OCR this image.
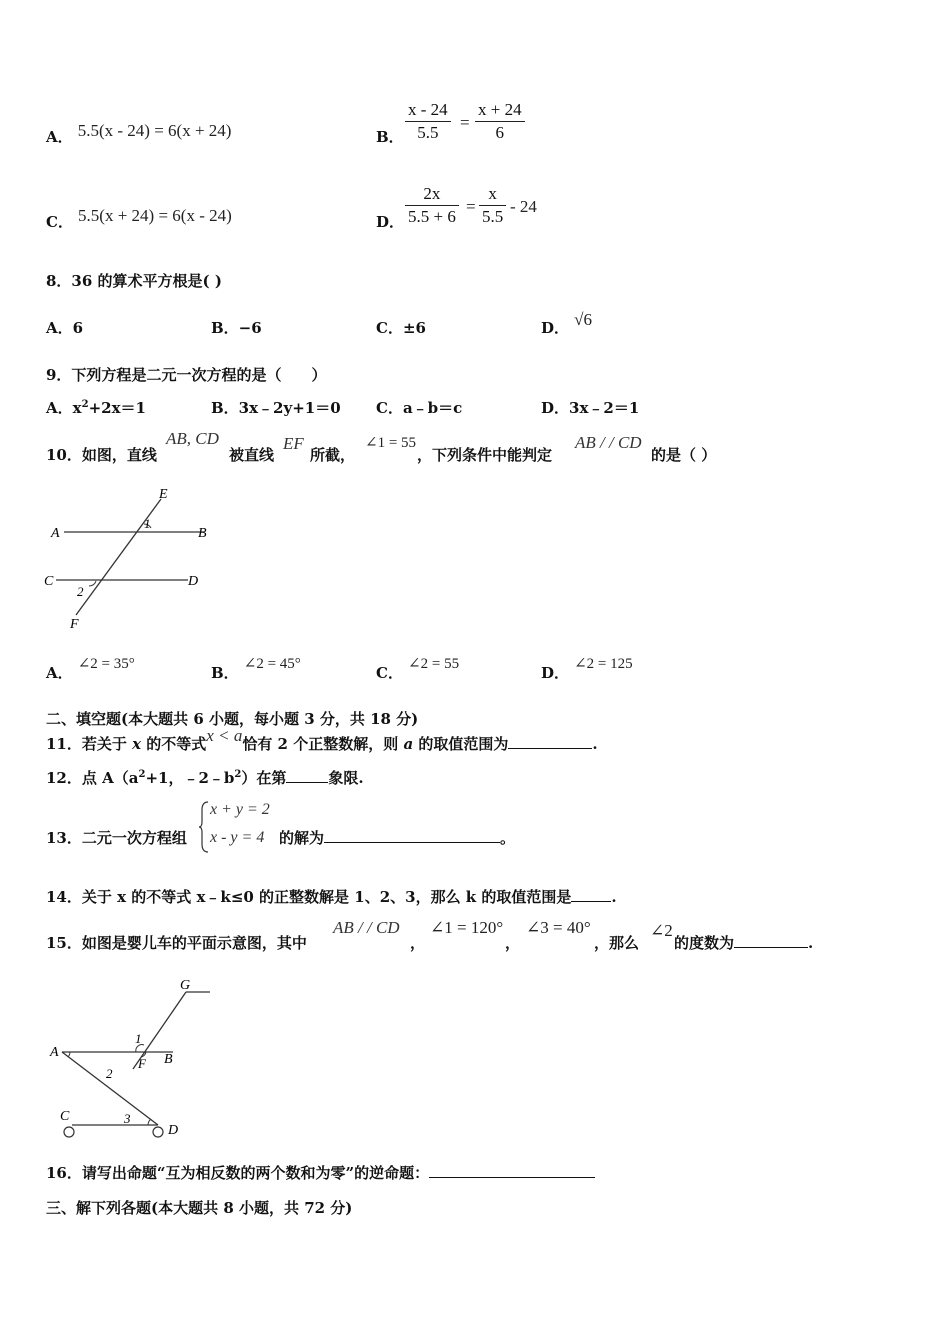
A． 5.5(x - 24) = 6(x + 24)	B．
x - 24
5.5
=
x + 24
6
C． 5.5(x + 24) = 6(x - 24)	D．
2x
5.5 + 6
=
x
5.5
- 24
8．36 的算术平方根是( )
A．6	B．−6	C．±6	D． √6
9．下列方程是二元一次方程的是（　　）
A．$x^2+2x=1$	B．3x﹣2y+1＝0 C．a﹣b＝c	D．3x﹣2＝1
10．如图，直线
AB, CD
被直线
EF
所截，
∠1 = 55
，下列条件中能判定
AB / / CD
的是（ ）
E
A	B
C	D
F
1
2
A． ∠2 = 35°	B． ∠2 = 45°	C． ∠2 = 55	D． ∠2 = 125
二、填空题(本大题共 6 小题，每小题 3 分，共 18 分)
11．若关于 x 的不等式x < a恰有 2 个正整数解，则 a 的取值范围为	.
12．点 $A(a^2+1$，$﹣2﹣b^2$）在第	象限.
13．二元一次方程组
x + y = 2
x - y = 4 的解为	。
14．关于 x 的不等式 x﹣k≤0 的正整数解是 1、2、3，那么 k 的取值范围是	.
15．如图是婴儿车的平面示意图，其中
AB / / CD
，
∠1 = 120°
，
∠3 = 40°
，那么
∠2
的度数为	.
G
A	B
F
C
D
1
2
3
16．请写出命题“互为相反数的两个数和为零”的逆命题：
三、解下列各题(本大题共 8 小题，共 72 分)
